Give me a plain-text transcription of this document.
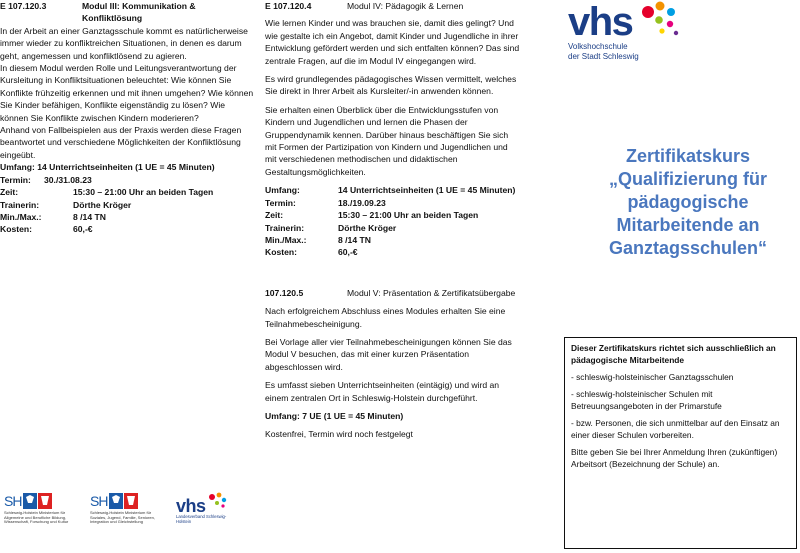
E 107.120.3	Modul III: Kommunikation & Konfliktlösung

In der Arbeit an einer Ganztagsschule kommt es natürlicherweise immer wieder zu konfliktreichen Situationen, in denen es darum geht, angemessen und konfliktlösend zu agieren.

In diesem Modul werden Rolle und Leitungsverantwortung der Kursleitung in Konfliktsituationen beleuchtet: Wie können Sie Konflikte frühzeitig erkennen und mit ihnen umgehen? Wie können Sie Kinder befähigen, Konflikte eigenständig zu lösen? Wie können Sie Konflikte zwischen Kindern moderieren?

Anhand von Fallbeispielen aus der Praxis werden diese Fragen beantwortet und verschiedene Möglichkeiten der Konfliktlösung eingeübt.

Umfang: 14 Unterrichtseinheiten (1 UE = 45 Minuten)

Termin:	30./31.08.23
Zeit:	15:30 – 21:00 Uhr an beiden Tagen
Trainerin:	Dörthe Kröger
Min./Max.:	8 /14 TN
Kosten:	60,-€
SH
Schleswig-Holstein Ministerium für Allgemeine und Berufliche Bildung, Wissenschaft, Forschung und Kultur
SH
Schleswig-Holstein Ministerium für Soziales, Jugend, Familie, Senioren, Integration und Gleichstellung
vhs
Landesverband Schleswig-Holstein
E 107.120.4	Modul IV: Pädagogik & Lernen

Wie lernen Kinder und was brauchen sie, damit dies gelingt? Und wie gestalte ich ein Angebot, damit Kinder und Jugendliche in ihrer Entwicklung gefördert werden und sich entfalten können? Das sind zentrale Fragen, auf die im Modul IV eingegangen wird.

Es wird grundlegendes pädagogisches Wissen vermittelt, welches Sie direkt in Ihrer Arbeit als Kursleiter/-in anwenden können.

Sie erhalten einen Überblick über die Entwicklungsstufen von Kindern und Jugendlichen und lernen die Phasen der Gruppendynamik kennen. Darüber hinaus beschäftigen Sie sich mit Formen der Partizipation von Kindern und Jugendlichen und mit verschiedenen methodischen und didaktischen Gestaltungsmöglichkeiten.

Umfang:	14 Unterrichtseinheiten (1 UE = 45 Minuten)
Termin:	18./19.09.23
Zeit:	15:30 – 21:00 Uhr an beiden Tagen
Trainerin:	Dörthe Kröger
Min./Max.:	8 /14 TN
Kosten:	60,-€
107.120.5	Modul V: Präsentation & Zertifikatsübergabe

Nach erfolgreichem Abschluss eines Modules erhalten Sie eine Teilnahmebescheinigung.

Bei Vorlage aller vier Teilnahmebescheinigungen können Sie das Modul V besuchen, das mit einer kurzen Präsentation abgeschlossen wird.

Es umfasst sieben Unterrichtseinheiten (eintägig) und wird an einem zentralen Ort in Schleswig-Holstein durchgeführt.

Umfang: 7 UE (1 UE = 45 Minuten)

Kostenfrei, Termin wird noch festgelegt

vhs
Volkshochschule
der Stadt Schleswig
Zertifikatskurs
„Qualifizierung für
pädagogische
Mitarbeitende an
Ganztagsschulen“

Dieser Zertifikatskurs richtet sich ausschließlich an pädagogische Mitarbeitende

- schleswig-holsteinischer Ganztagsschulen

- schleswig-holsteinischer Schulen mit Betreuungsangeboten in der Primarstufe

- bzw. Personen, die sich unmittelbar auf den Einsatz an einer dieser Schulen vorbereiten.

Bitte geben Sie bei Ihrer Anmeldung Ihren (zukünftigen) Arbeitsort (Bezeichnung der Schule) an.
